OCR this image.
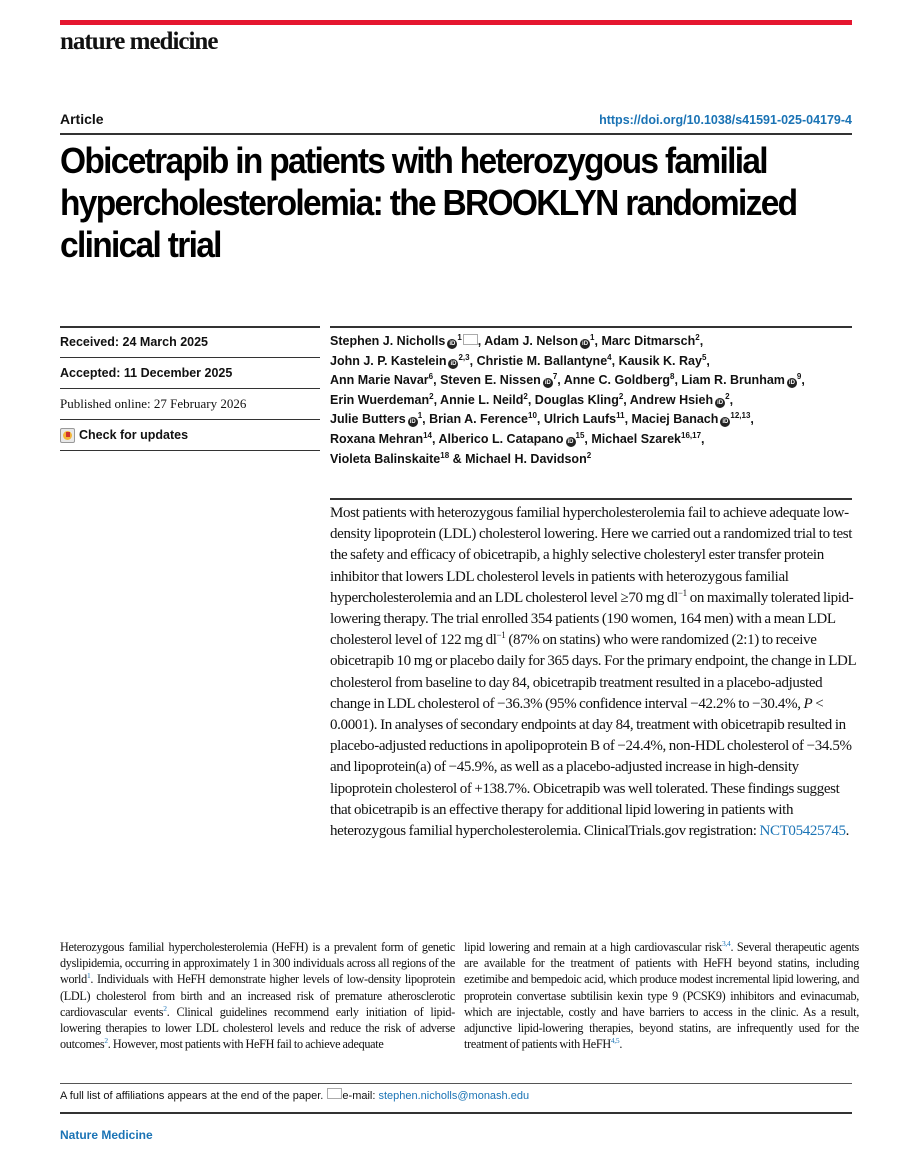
nature medicine
Article	https://doi.org/10.1038/s41591-025-04179-4
Obicetrapib in patients with heterozygous familial hypercholesterolemia: the BROOKLYN randomized clinical trial
Received: 24 March 2025
Accepted: 11 December 2025
Published online: 27 February 2026
Check for updates
Stephen J. Nicholls $iD^1$ , Adam J. Nelson $iD^1$, Marc Ditmarsch$^2$,
John J. P. Kastelein iD$^{2,3}$, Christie M. Ballantyne$^4$, Kausik K. Ray$^5$,
Ann Marie Navar$^6$, Steven E. Nissen $iD^7$, Anne C. Goldberg$^8$, Liam R. Brunham $iD^9$,
Erin Wuerdeman$^2$, Annie L. Neild$^2$, Douglas Kling$^2$, Andrew Hsieh $iD^2$,
Julie Butters $iD^1$, Brian A. Ference$^{10}$, Ulrich Laufs$^{11}$, Maciej Banach iD$^{12,13}$,
Roxana Mehran$^{14}$, Alberico L. Catapano $iD^{15}$, Michael Szarek$^{16,17}$,
Violeta Balinskaite$^{18}$ & Michael H. Davidson$^2$
Most patients with heterozygous familial hypercholesterolemia fail to achieve adequate low-density lipoprotein (LDL) cholesterol lowering. Here we carried out a randomized trial to test the safety and efficacy of obicetrapib, a highly selective cholesteryl ester transfer protein inhibitor that lowers LDL cholesterol levels in patients with heterozygous familial hypercholesterolemia and an LDL cholesterol level ≥70 mg $dl^{-1}$ on maximally tolerated lipid-lowering therapy. The trial enrolled 354 patients (190 women, 164 men) with a mean LDL cholesterol level of 122 mg $dl^{-1}$ (87% on statins) who were randomized (2:1) to receive obicetrapib 10 mg or placebo daily for 365 days. For the primary endpoint, the change in LDL cholesterol from baseline to day 84, obicetrapib treatment resulted in a placebo-adjusted change in LDL cholesterol of −36.3% (95% confidence interval −42.2% to −30.4%, P < 0.0001). In analyses of secondary endpoints at day 84, treatment with obicetrapib resulted in placebo-adjusted reductions in apolipoprotein B of −24.4%, non-HDL cholesterol of −34.5% and lipoprotein(a) of −45.9%, as well as a placebo-adjusted increase in high-density lipoprotein cholesterol of +138.7%. Obicetrapib was well tolerated. These findings suggest that obicetrapib is an effective therapy for additional lipid lowering in patients with heterozygous familial hypercholesterolemia. ClinicalTrials.gov registration: NCT05425745.
Heterozygous familial hypercholesterolemia (HeFH) is a prevalent form of genetic dyslipidemia, occurring in approximately 1 in 300 individuals across all regions of the world$^1$. Individuals with HeFH demonstrate higher levels of low-density lipoprotein (LDL) cholesterol from birth and an increased risk of premature atherosclerotic cardiovascular events$^2$. Clinical guidelines recommend early initiation of lipid-lowering therapies to lower LDL cholesterol levels and reduce the risk of adverse outcomes$^2$. However, most patients with HeFH fail to achieve adequate
lipid lowering and remain at a high cardiovascular risk$^{3,4}$. Several therapeutic agents are available for the treatment of patients with HeFH beyond statins, including ezetimibe and bempedoic acid, which produce modest incremental lipid lowering, and proprotein convertase subtilisin kexin type 9 (PCSK9) inhibitors and evinacumab, which are injectable, costly and have barriers to access in the clinic. As a result, adjunctive lipid-lowering therapies, beyond statins, are infrequently used for the treatment of patients with HeFH$^{4,5}$.
A full list of affiliations appears at the end of the paper. e-mail: stephen.nicholls@monash.edu
Nature Medicine
